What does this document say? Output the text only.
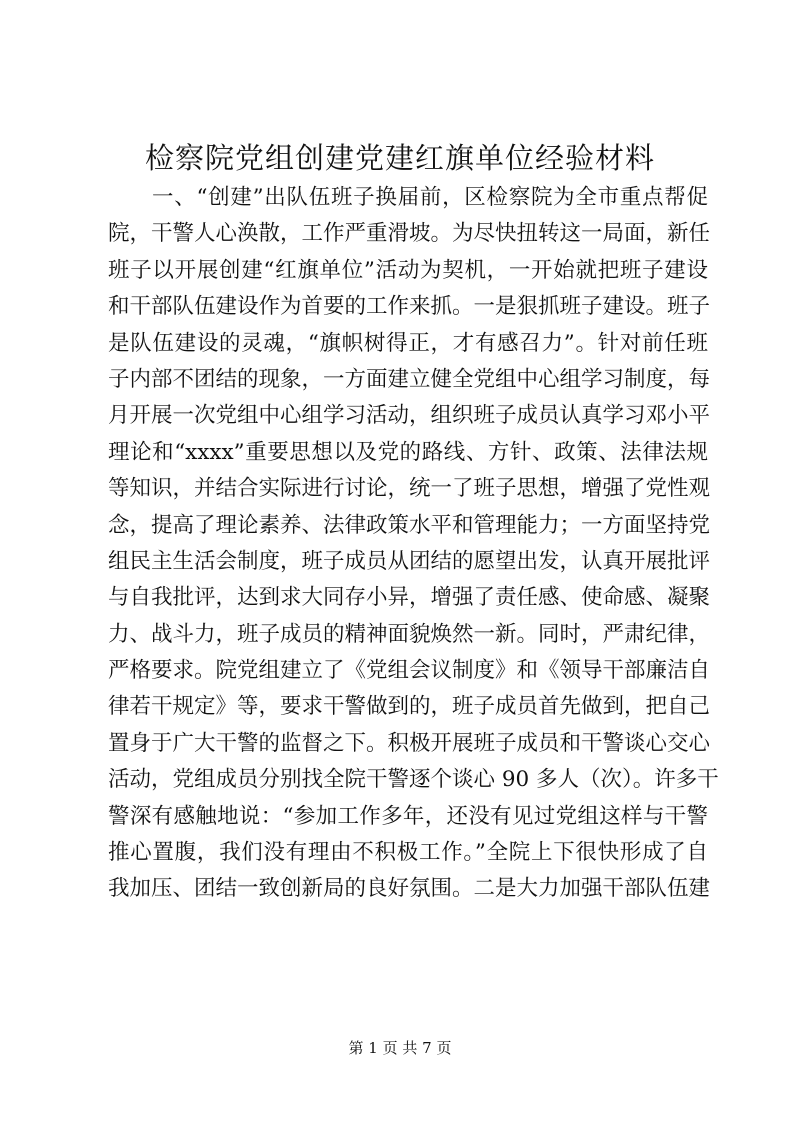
检察院党组创建党建红旗单位经验材料
一、“创建”出队伍班子换届前，区检察院为全市重点帮促
院，干警人心涣散，工作严重滑坡。为尽快扭转这一局面，新任
班子以开展创建“红旗单位”活动为契机，一开始就把班子建设
和干部队伍建设作为首要的工作来抓。一是狠抓班子建设。班子
是队伍建设的灵魂，“旗帜树得正，才有感召力”。针对前任班
子内部不团结的现象，一方面建立健全党组中心组学习制度，每
月开展一次党组中心组学习活动，组织班子成员认真学习邓小平
理论和“xxxx”重要思想以及党的路线、方针、政策、法律法规
等知识，并结合实际进行讨论，统一了班子思想，增强了党性观
念，提高了理论素养、法律政策水平和管理能力；一方面坚持党
组民主生活会制度，班子成员从团结的愿望出发，认真开展批评
与自我批评，达到求大同存小异，增强了责任感、使命感、凝聚
力、战斗力，班子成员的精神面貌焕然一新。同时，严肃纪律，
严格要求。院党组建立了《党组会议制度》和《领导干部廉洁自
律若干规定》等，要求干警做到的，班子成员首先做到，把自己
置身于广大干警的监督之下。积极开展班子成员和干警谈心交心
活动，党组成员分别找全院干警逐个谈心 90 多人（次）。许多干
警深有感触地说：“参加工作多年，还没有见过党组这样与干警
推心置腹，我们没有理由不积极工作。”全院上下很快形成了自
我加压、团结一致创新局的良好氛围。二是大力加强干部队伍建
第 1 页 共 7 页
